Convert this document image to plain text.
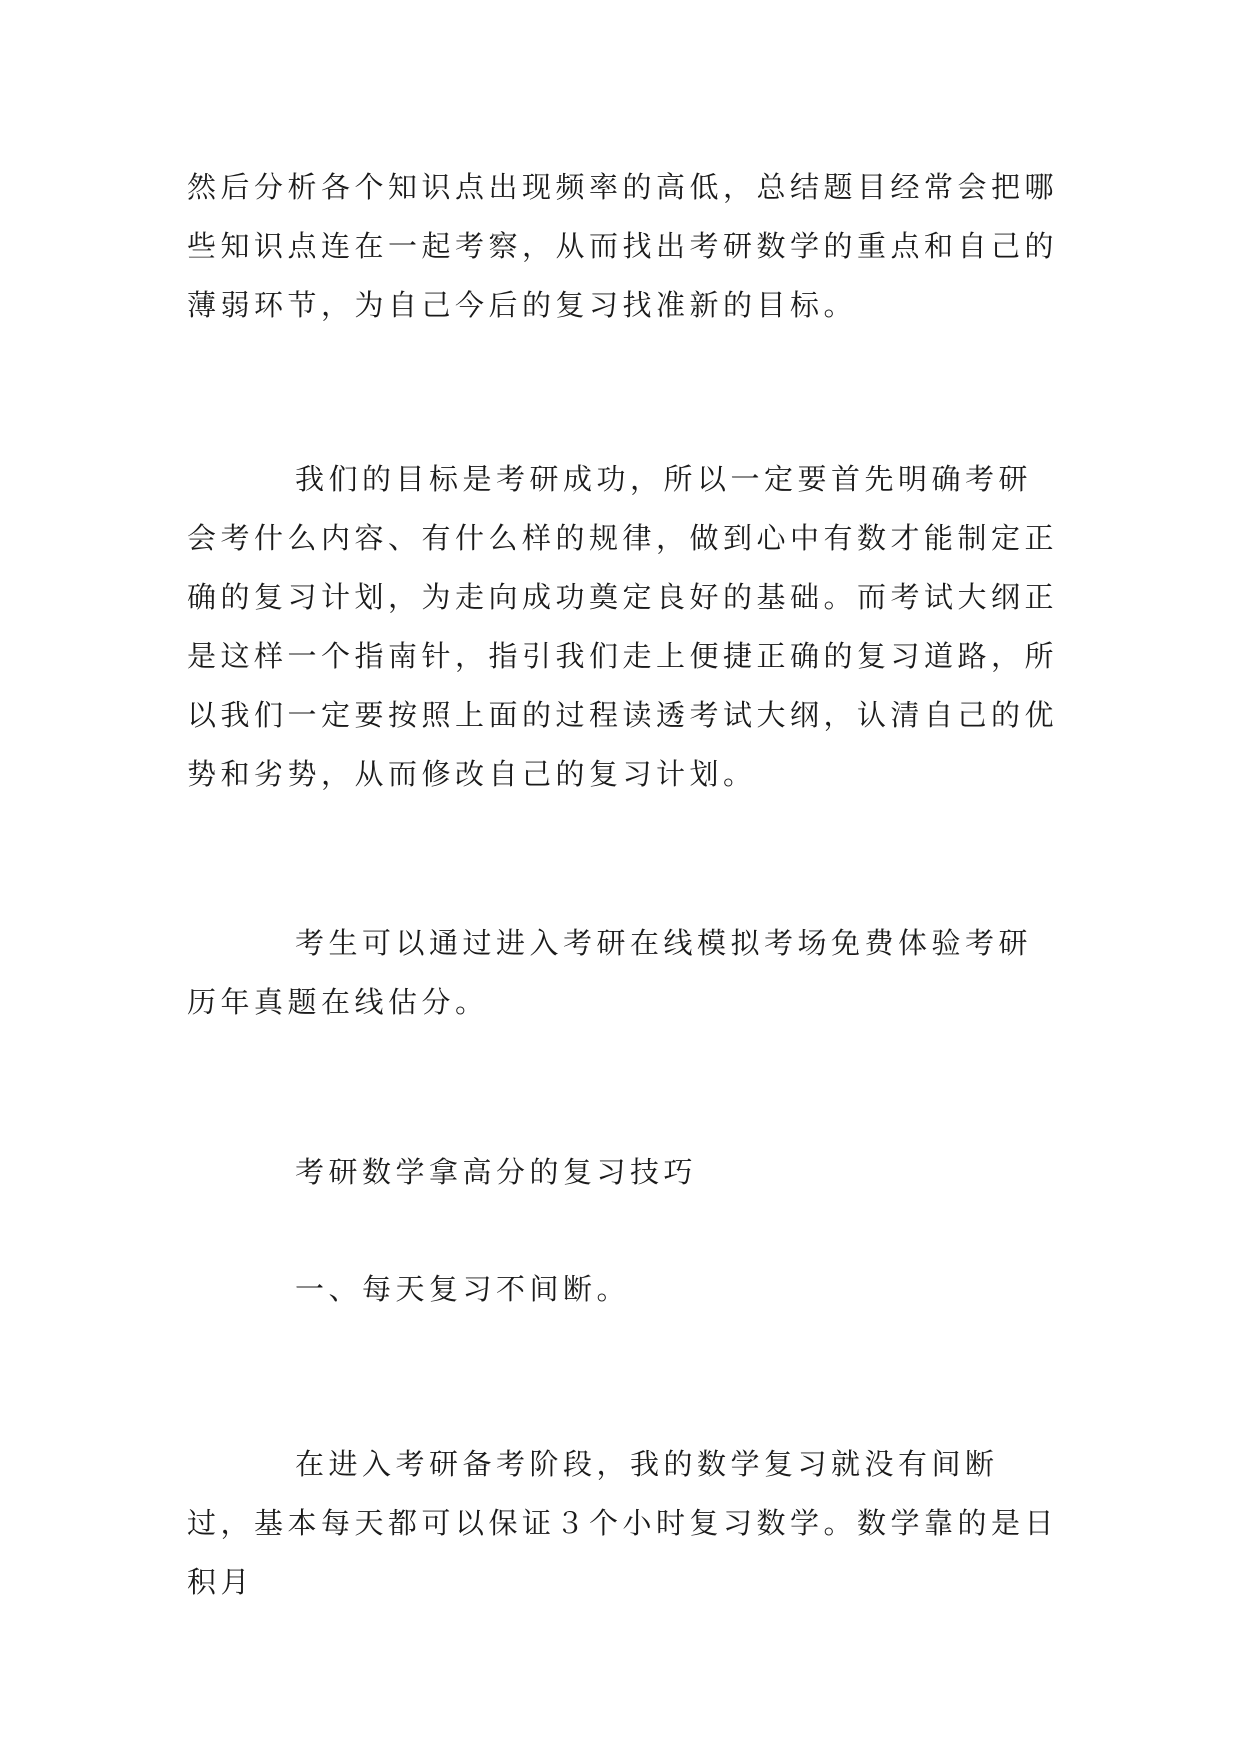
然后分析各个知识点出现频率的高低，总结题目经常会把哪些知识点连在一起考察，从而找出考研数学的重点和自己的薄弱环节，为自己今后的复习找准新的目标。

我们的目标是考研成功，所以一定要首先明确考研会考什么内容、有什么样的规律，做到心中有数才能制定正确的复习计划，为走向成功奠定良好的基础。而考试大纲正是这样一个指南针，指引我们走上便捷正确的复习道路，所以我们一定要按照上面的过程读透考试大纲，认清自己的优势和劣势，从而修改自己的复习计划。

考生可以通过进入考研在线模拟考场免费体验考研历年真题在线估分。

考研数学拿高分的复习技巧

一、每天复习不间断。

在进入考研备考阶段，我的数学复习就没有间断过，基本每天都可以保证３个小时复习数学。数学靠的是日积月
